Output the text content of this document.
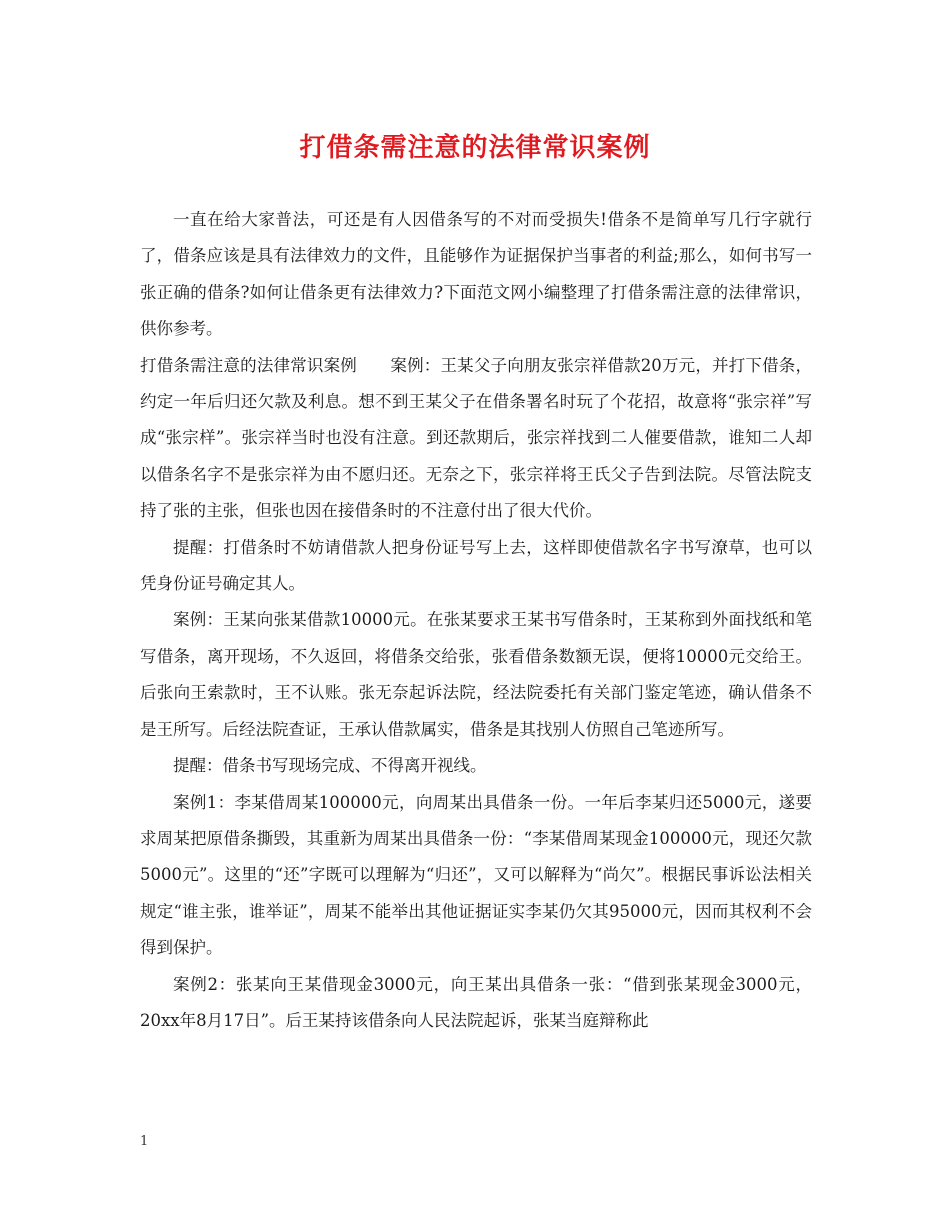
打借条需注意的法律常识案例

一直在给大家普法，可还是有人因借条写的不对而受损失!借条不是简单写几行字就行了，借条应该是具有法律效力的文件，且能够作为证据保护当事者的利益;那么，如何书写一张正确的借条?如何让借条更有法律效力?下面范文网小编整理了打借条需注意的法律常识，供你参考。

打借条需注意的法律常识案例　　案例：王某父子向朋友张宗祥借款20万元，并打下借条，约定一年后归还欠款及利息。想不到王某父子在借条署名时玩了个花招，故意将“张宗祥”写成“张宗样”。张宗祥当时也没有注意。到还款期后，张宗祥找到二人催要借款，谁知二人却以借条名字不是张宗祥为由不愿归还。无奈之下，张宗祥将王氏父子告到法院。尽管法院支持了张的主张，但张也因在接借条时的不注意付出了很大代价。

提醒：打借条时不妨请借款人把身份证号写上去，这样即使借款名字书写潦草，也可以凭身份证号确定其人。

案例：王某向张某借款10000元。在张某要求王某书写借条时，王某称到外面找纸和笔写借条，离开现场，不久返回，将借条交给张，张看借条数额无误，便将10000元交给王。后张向王索款时，王不认账。张无奈起诉法院，经法院委托有关部门鉴定笔迹，确认借条不是王所写。后经法院查证，王承认借款属实，借条是其找别人仿照自己笔迹所写。

提醒：借条书写现场完成、不得离开视线。

案例1：李某借周某100000元，向周某出具借条一份。一年后李某归还5000元，遂要求周某把原借条撕毁，其重新为周某出具借条一份：“李某借周某现金100000元，现还欠款5000元”。这里的“还”字既可以理解为“归还”，又可以解释为“尚欠”。根据民事诉讼法相关规定“谁主张，谁举证”，周某不能举出其他证据证实李某仍欠其95000元，因而其权利不会得到保护。

案例2：张某向王某借现金3000元，向王某出具借条一张：“借到张某现金3000元，20xx年8月17日”。后王某持该借条向人民法院起诉，张某当庭辩称此

1
